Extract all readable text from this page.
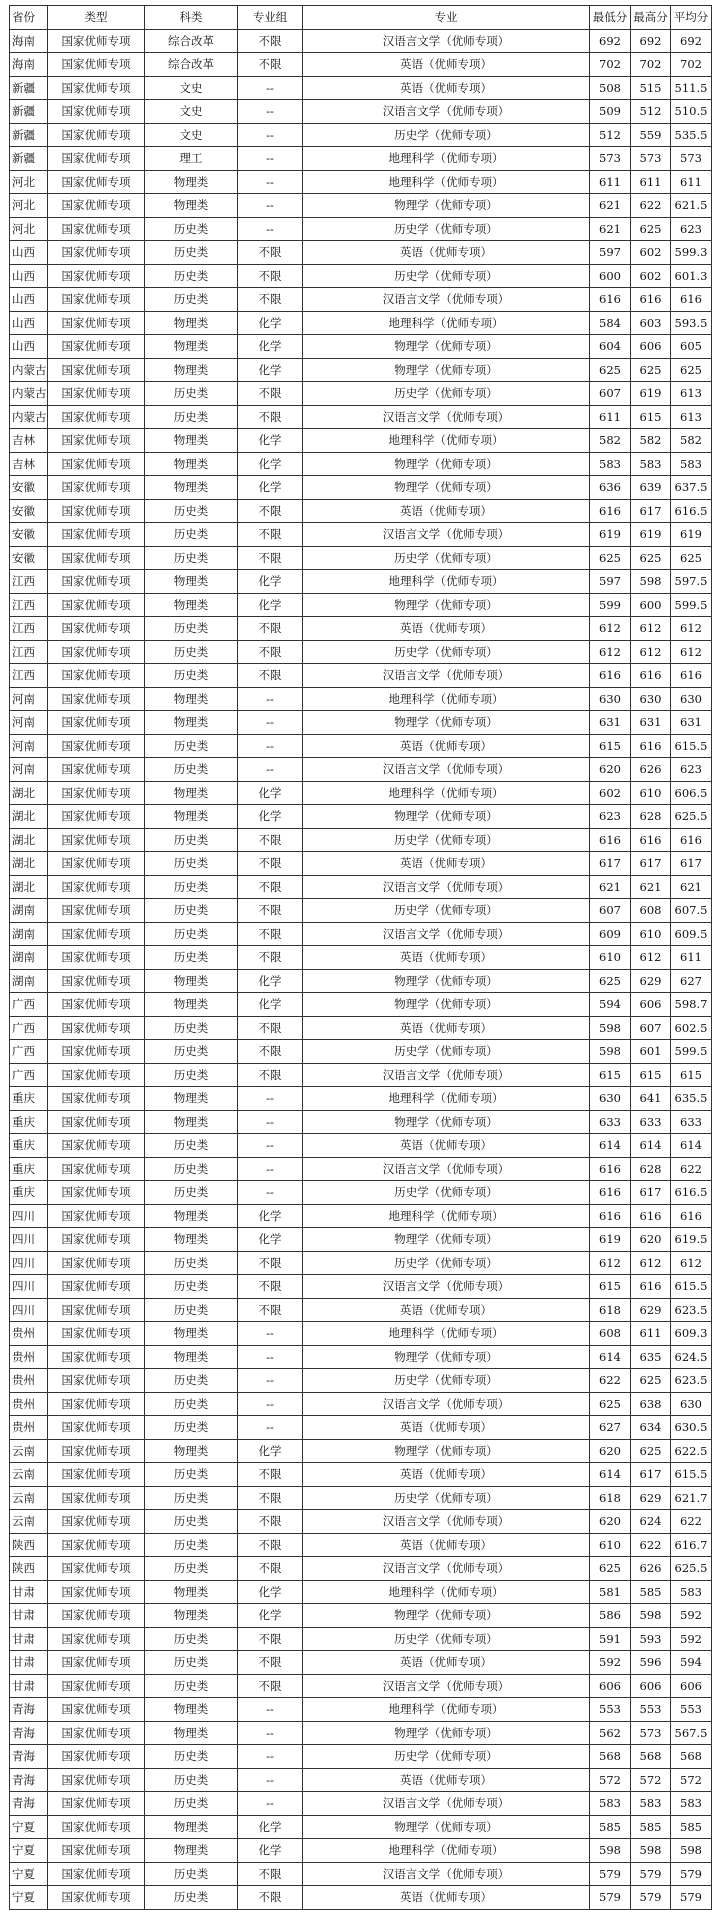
省份	类型	科类	专业组	专业	最低分	最高分	平均分
海南	国家优师专项	综合改革	不限	汉语言文学（优师专项）	692	692	692
海南	国家优师专项	综合改革	不限	英语（优师专项）	702	702	702
新疆	国家优师专项	文史	--	英语（优师专项）	508	515	511.5
新疆	国家优师专项	文史	--	汉语言文学（优师专项）	509	512	510.5
新疆	国家优师专项	文史	--	历史学（优师专项）	512	559	535.5
新疆	国家优师专项	理工	--	地理科学（优师专项）	573	573	573
河北	国家优师专项	物理类	--	地理科学（优师专项）	611	611	611
河北	国家优师专项	物理类	--	物理学（优师专项）	621	622	621.5
河北	国家优师专项	历史类	--	历史学（优师专项）	621	625	623
山西	国家优师专项	历史类	不限	英语（优师专项）	597	602	599.3
山西	国家优师专项	历史类	不限	历史学（优师专项）	600	602	601.3
山西	国家优师专项	历史类	不限	汉语言文学（优师专项）	616	616	616
山西	国家优师专项	物理类	化学	地理科学（优师专项）	584	603	593.5
山西	国家优师专项	物理类	化学	物理学（优师专项）	604	606	605
内蒙古	国家优师专项	物理类	化学	物理学（优师专项）	625	625	625
内蒙古	国家优师专项	历史类	不限	历史学（优师专项）	607	619	613
内蒙古	国家优师专项	历史类	不限	汉语言文学（优师专项）	611	615	613
吉林	国家优师专项	物理类	化学	地理科学（优师专项）	582	582	582
吉林	国家优师专项	物理类	化学	物理学（优师专项）	583	583	583
安徽	国家优师专项	物理类	化学	物理学（优师专项）	636	639	637.5
安徽	国家优师专项	历史类	不限	英语（优师专项）	616	617	616.5
安徽	国家优师专项	历史类	不限	汉语言文学（优师专项）	619	619	619
安徽	国家优师专项	历史类	不限	历史学（优师专项）	625	625	625
江西	国家优师专项	物理类	化学	地理科学（优师专项）	597	598	597.5
江西	国家优师专项	物理类	化学	物理学（优师专项）	599	600	599.5
江西	国家优师专项	历史类	不限	英语（优师专项）	612	612	612
江西	国家优师专项	历史类	不限	历史学（优师专项）	612	612	612
江西	国家优师专项	历史类	不限	汉语言文学（优师专项）	616	616	616
河南	国家优师专项	物理类	--	地理科学（优师专项）	630	630	630
河南	国家优师专项	物理类	--	物理学（优师专项）	631	631	631
河南	国家优师专项	历史类	--	英语（优师专项）	615	616	615.5
河南	国家优师专项	历史类	--	汉语言文学（优师专项）	620	626	623
湖北	国家优师专项	物理类	化学	地理科学（优师专项）	602	610	606.5
湖北	国家优师专项	物理类	化学	物理学（优师专项）	623	628	625.5
湖北	国家优师专项	历史类	不限	历史学（优师专项）	616	616	616
湖北	国家优师专项	历史类	不限	英语（优师专项）	617	617	617
湖北	国家优师专项	历史类	不限	汉语言文学（优师专项）	621	621	621
湖南	国家优师专项	历史类	不限	历史学（优师专项）	607	608	607.5
湖南	国家优师专项	历史类	不限	汉语言文学（优师专项）	609	610	609.5
湖南	国家优师专项	历史类	不限	英语（优师专项）	610	612	611
湖南	国家优师专项	物理类	化学	物理学（优师专项）	625	629	627
广西	国家优师专项	物理类	化学	物理学（优师专项）	594	606	598.7
广西	国家优师专项	历史类	不限	英语（优师专项）	598	607	602.5
广西	国家优师专项	历史类	不限	历史学（优师专项）	598	601	599.5
广西	国家优师专项	历史类	不限	汉语言文学（优师专项）	615	615	615
重庆	国家优师专项	物理类	--	地理科学（优师专项）	630	641	635.5
重庆	国家优师专项	物理类	--	物理学（优师专项）	633	633	633
重庆	国家优师专项	历史类	--	英语（优师专项）	614	614	614
重庆	国家优师专项	历史类	--	汉语言文学（优师专项）	616	628	622
重庆	国家优师专项	历史类	--	历史学（优师专项）	616	617	616.5
四川	国家优师专项	物理类	化学	地理科学（优师专项）	616	616	616
四川	国家优师专项	物理类	化学	物理学（优师专项）	619	620	619.5
四川	国家优师专项	历史类	不限	历史学（优师专项）	612	612	612
四川	国家优师专项	历史类	不限	汉语言文学（优师专项）	615	616	615.5
四川	国家优师专项	历史类	不限	英语（优师专项）	618	629	623.5
贵州	国家优师专项	物理类	--	地理科学（优师专项）	608	611	609.3
贵州	国家优师专项	物理类	--	物理学（优师专项）	614	635	624.5
贵州	国家优师专项	历史类	--	历史学（优师专项）	622	625	623.5
贵州	国家优师专项	历史类	--	汉语言文学（优师专项）	625	638	630
贵州	国家优师专项	历史类	--	英语（优师专项）	627	634	630.5
云南	国家优师专项	物理类	化学	物理学（优师专项）	620	625	622.5
云南	国家优师专项	历史类	不限	英语（优师专项）	614	617	615.5
云南	国家优师专项	历史类	不限	历史学（优师专项）	618	629	621.7
云南	国家优师专项	历史类	不限	汉语言文学（优师专项）	620	624	622
陕西	国家优师专项	历史类	不限	英语（优师专项）	610	622	616.7
陕西	国家优师专项	历史类	不限	汉语言文学（优师专项）	625	626	625.5
甘肃	国家优师专项	物理类	化学	地理科学（优师专项）	581	585	583
甘肃	国家优师专项	物理类	化学	物理学（优师专项）	586	598	592
甘肃	国家优师专项	历史类	不限	历史学（优师专项）	591	593	592
甘肃	国家优师专项	历史类	不限	英语（优师专项）	592	596	594
甘肃	国家优师专项	历史类	不限	汉语言文学（优师专项）	606	606	606
青海	国家优师专项	物理类	--	地理科学（优师专项）	553	553	553
青海	国家优师专项	物理类	--	物理学（优师专项）	562	573	567.5
青海	国家优师专项	历史类	--	历史学（优师专项）	568	568	568
青海	国家优师专项	历史类	--	英语（优师专项）	572	572	572
青海	国家优师专项	历史类	--	汉语言文学（优师专项）	583	583	583
宁夏	国家优师专项	物理类	化学	物理学（优师专项）	585	585	585
宁夏	国家优师专项	物理类	化学	地理科学（优师专项）	598	598	598
宁夏	国家优师专项	历史类	不限	汉语言文学（优师专项）	579	579	579
宁夏	国家优师专项	历史类	不限	英语（优师专项）	579	579	579
